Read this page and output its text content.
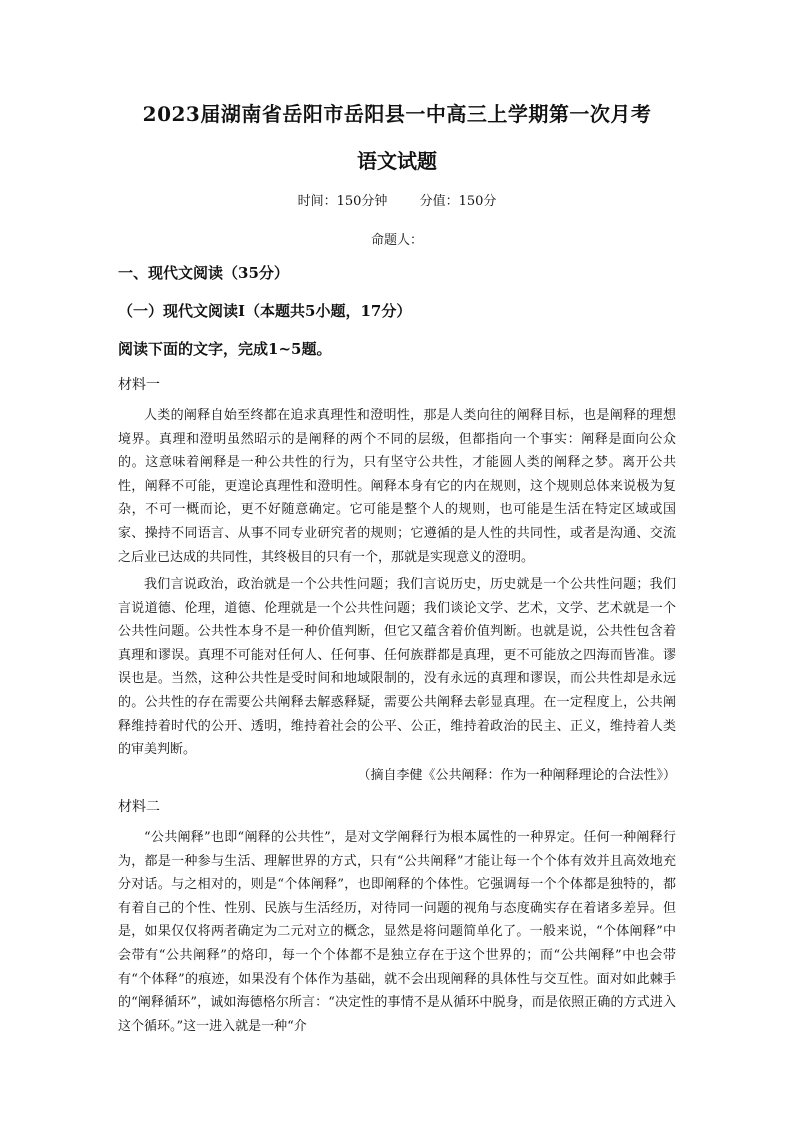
2023届湖南省岳阳市岳阳县一中高三上学期第一次月考
语文试题
时间：150分钟 分值：150分
命题人：
一、现代文阅读（35分）
（一）现代文阅读Ⅰ（本题共5小题，17分）
阅读下面的文字，完成1~5题。
材料一

人类的阐释自始至终都在追求真理性和澄明性，那是人类向往的阐释目标，也是阐释的理想境界。真理和澄明虽然昭示的是阐释的两个不同的层级，但都指向一个事实：阐释是面向公众的。这意味着阐释是一种公共性的行为，只有坚守公共性，才能圆人类的阐释之梦。离开公共性，阐释不可能，更遑论真理性和澄明性。阐释本身有它的内在规则，这个规则总体来说极为复杂，不可一概而论，更不好随意确定。它可能是整个人的规则，也可能是生活在特定区域或国家、操持不同语言、从事不同专业研究者的规则；它遵循的是人性的共同性，或者是沟通、交流之后业已达成的共同性，其终极目的只有一个，那就是实现意义的澄明。

我们言说政治，政治就是一个公共性问题；我们言说历史，历史就是一个公共性问题；我们言说道德、伦理，道德、伦理就是一个公共性问题；我们谈论文学、艺术，文学、艺术就是一个公共性问题。公共性本身不是一种价值判断，但它又蕴含着价值判断。也就是说，公共性包含着真理和谬误。真理不可能对任何人、任何事、任何族群都是真理，更不可能放之四海而皆准。谬误也是。当然，这种公共性是受时间和地域限制的，没有永远的真理和谬误，而公共性却是永远的。公共性的存在需要公共阐释去解惑释疑，需要公共阐释去彰显真理。在一定程度上，公共阐释维持着时代的公开、透明，维持着社会的公平、公正，维持着政治的民主、正义，维持着人类的审美判断。

（摘自李健《公共阐释：作为一种阐释理论的合法性》）
材料二

“公共阐释”也即“阐释的公共性”，是对文学阐释行为根本属性的一种界定。任何一种阐释行为，都是一种参与生活、理解世界的方式，只有“公共阐释”才能让每一个个体有效并且高效地充分对话。与之相对的，则是“个体阐释”，也即阐释的个体性。它强调每一个个体都是独特的，都有着自己的个性、性别、民族与生活经历，对待同一问题的视角与态度确实存在着诸多差异。但是，如果仅仅将两者确定为二元对立的概念，显然是将问题简单化了。一般来说，“个体阐释”中会带有“公共阐释”的烙印，每一个个体都不是独立存在于这个世界的；而“公共阐释”中也会带有“个体释”的痕迹，如果没有个体作为基础，就不会出现阐释的具体性与交互性。面对如此棘手的“阐释循环”，诚如海德格尔所言：“决定性的事情不是从循环中脱身，而是依照正确的方式进入这个循环。”这一进入就是一种“介
